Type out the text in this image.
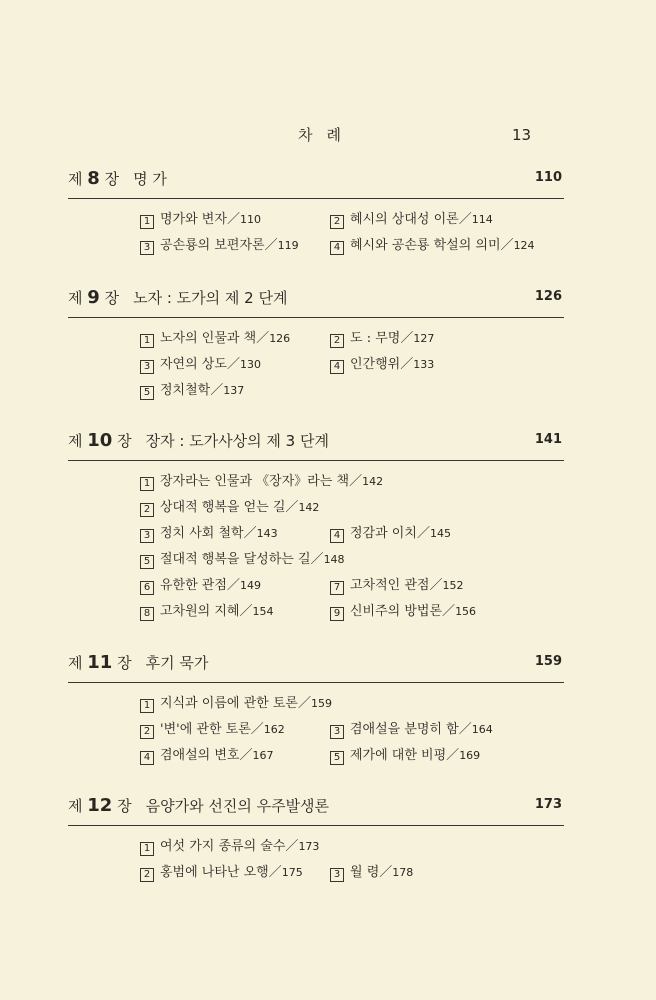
차례	13
제 8 장 명 가	110
1 명가와 변자／110	2 혜시의 상대성 이론／114
3 공손룡의 보편자론／119	4 혜시와 공손룡 학설의 의미／124
제 9 장 노자 : 도가의 제 2 단계	126
1 노자의 인물과 책／126	2 도 : 무명／127
3 자연의 상도／130	4 인간행위／133
5 정치철학／137
제 10 장 장자 : 도가사상의 제 3 단계	141
1 장자라는 인물과 《장자》라는 책／142
2 상대적 행복을 얻는 길／142
3 정치 사회 철학／143	4 정감과 이치／145
5 절대적 행복을 달성하는 길／148
6 유한한 관점／149	7 고차적인 관점／152
8 고차원의 지혜／154	9 신비주의 방법론／156
제 11 장 후기 묵가	159
1 지식과 이름에 관한 토론／159
2 '변'에 관한 토론／162	3 겸애설을 분명히 함／164
4 겸애설의 변호／167	5 제가에 대한 비평／169
제 12 장 음양가와 선진의 우주발생론	173
1 여섯 가지 종류의 술수／173
2 홍범에 나타난 오행／175	3 월 령／178
